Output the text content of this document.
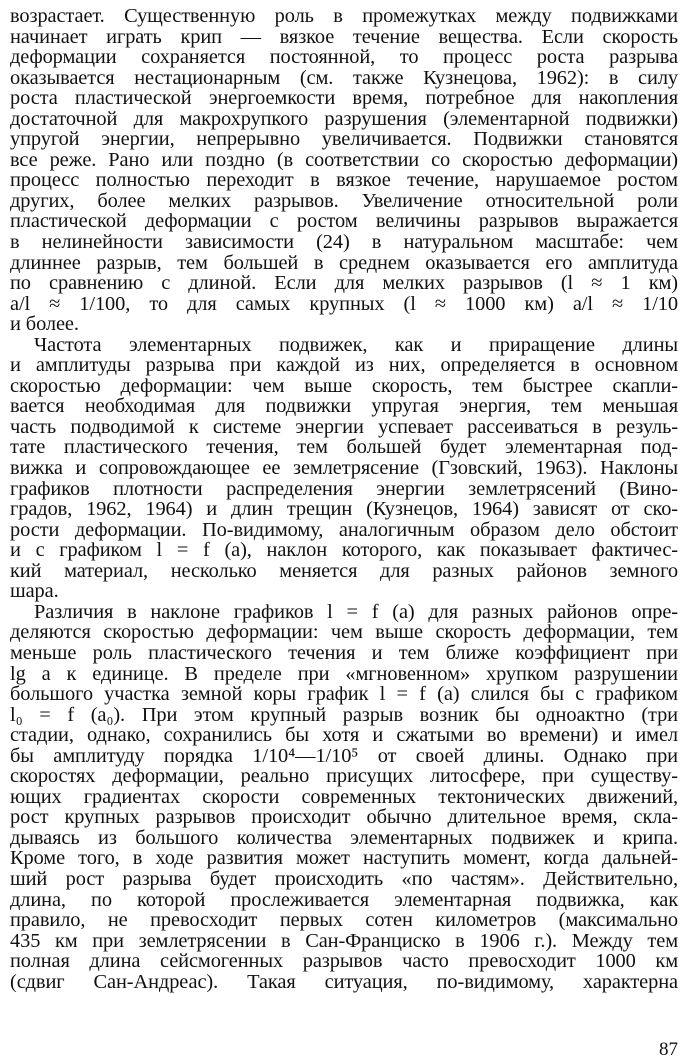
возрастает. Существенную роль в промежутках между подвижками
начинает играть крип — вязкое течение вещества. Если скорость
деформации сохраняется постоянной, то процесс роста разрыва
оказывается нестационарным (см. также Кузнецова, 1962): в силу
роста пластической энергоемкости время, потребное для накопления
достаточной для макрохрупкого разрушения (элементарной подвижки)
упругой энергии, непрерывно увеличивается. Подвижки становятся
все реже. Рано или поздно (в соответствии со скоростью деформации)
процесс полностью переходит в вязкое течение, нарушаемое ростом
других, более мелких разрывов. Увеличение относительной роли
пластической деформации с ростом величины разрывов выражается
в нелинейности зависимости (24) в натуральном масштабе: чем
длиннее разрыв, тем большей в среднем оказывается его амплитуда
по сравнению с длиной. Если для мелких разрывов (l ≈ 1 км)
a/l ≈ 1/100, то для самых крупных (l ≈ 1000 км) a/l ≈ 1/10
и более.
Частота элементарных подвижек, как и приращение длины
и амплитуды разрыва при каждой из них, определяется в основном
скоростью деформации: чем выше скорость, тем быстрее скапли-
вается необходимая для подвижки упругая энергия, тем меньшая
часть подводимой к системе энергии успевает рассеиваться в резуль-
тате пластического течения, тем большей будет элементарная под-
вижка и сопровождающее ее землетрясение (Гзовский, 1963). Наклоны
графиков плотности распределения энергии землетрясений (Вино-
градов, 1962, 1964) и длин трещин (Кузнецов, 1964) зависят от ско-
рости деформации. По-видимому, аналогичным образом дело обстоит
и с графиком l = f (a), наклон которого, как показывает фактичес-
кий материал, несколько меняется для разных районов земного
шара.
Различия в наклоне графиков l = f (a) для разных районов опре-
деляются скоростью деформации: чем выше скорость деформации, тем
меньше роль пластического течения и тем ближе коэффициент при
lg a к единице. В пределе при «мгновенном» хрупком разрушении
большого участка земной коры график l = f (a) слился бы с графиком
l₀ = f (a₀). При этом крупный разрыв возник бы одноактно (три
стадии, однако, сохранились бы хотя и сжатыми во времени) и имел
бы амплитуду порядка 1/10⁴—1/10⁵ от своей длины. Однако при
скоростях деформации, реально присущих литосфере, при существу-
ющих градиентах скорости современных тектонических движений,
рост крупных разрывов происходит обычно длительное время, скла-
дываясь из большого количества элементарных подвижек и крипа.
Кроме того, в ходе развития может наступить момент, когда дальней-
ший рост разрыва будет происходить «по частям». Действительно,
длина, по которой прослеживается элементарная подвижка, как
правило, не превосходит первых сотен километров (максимально
435 км при землетрясении в Сан-Франциско в 1906 г.). Между тем
полная длина сейсмогенных разрывов часто превосходит 1000 км
(сдвиг Сан-Андреас). Такая ситуация, по-видимому, характерна
87
